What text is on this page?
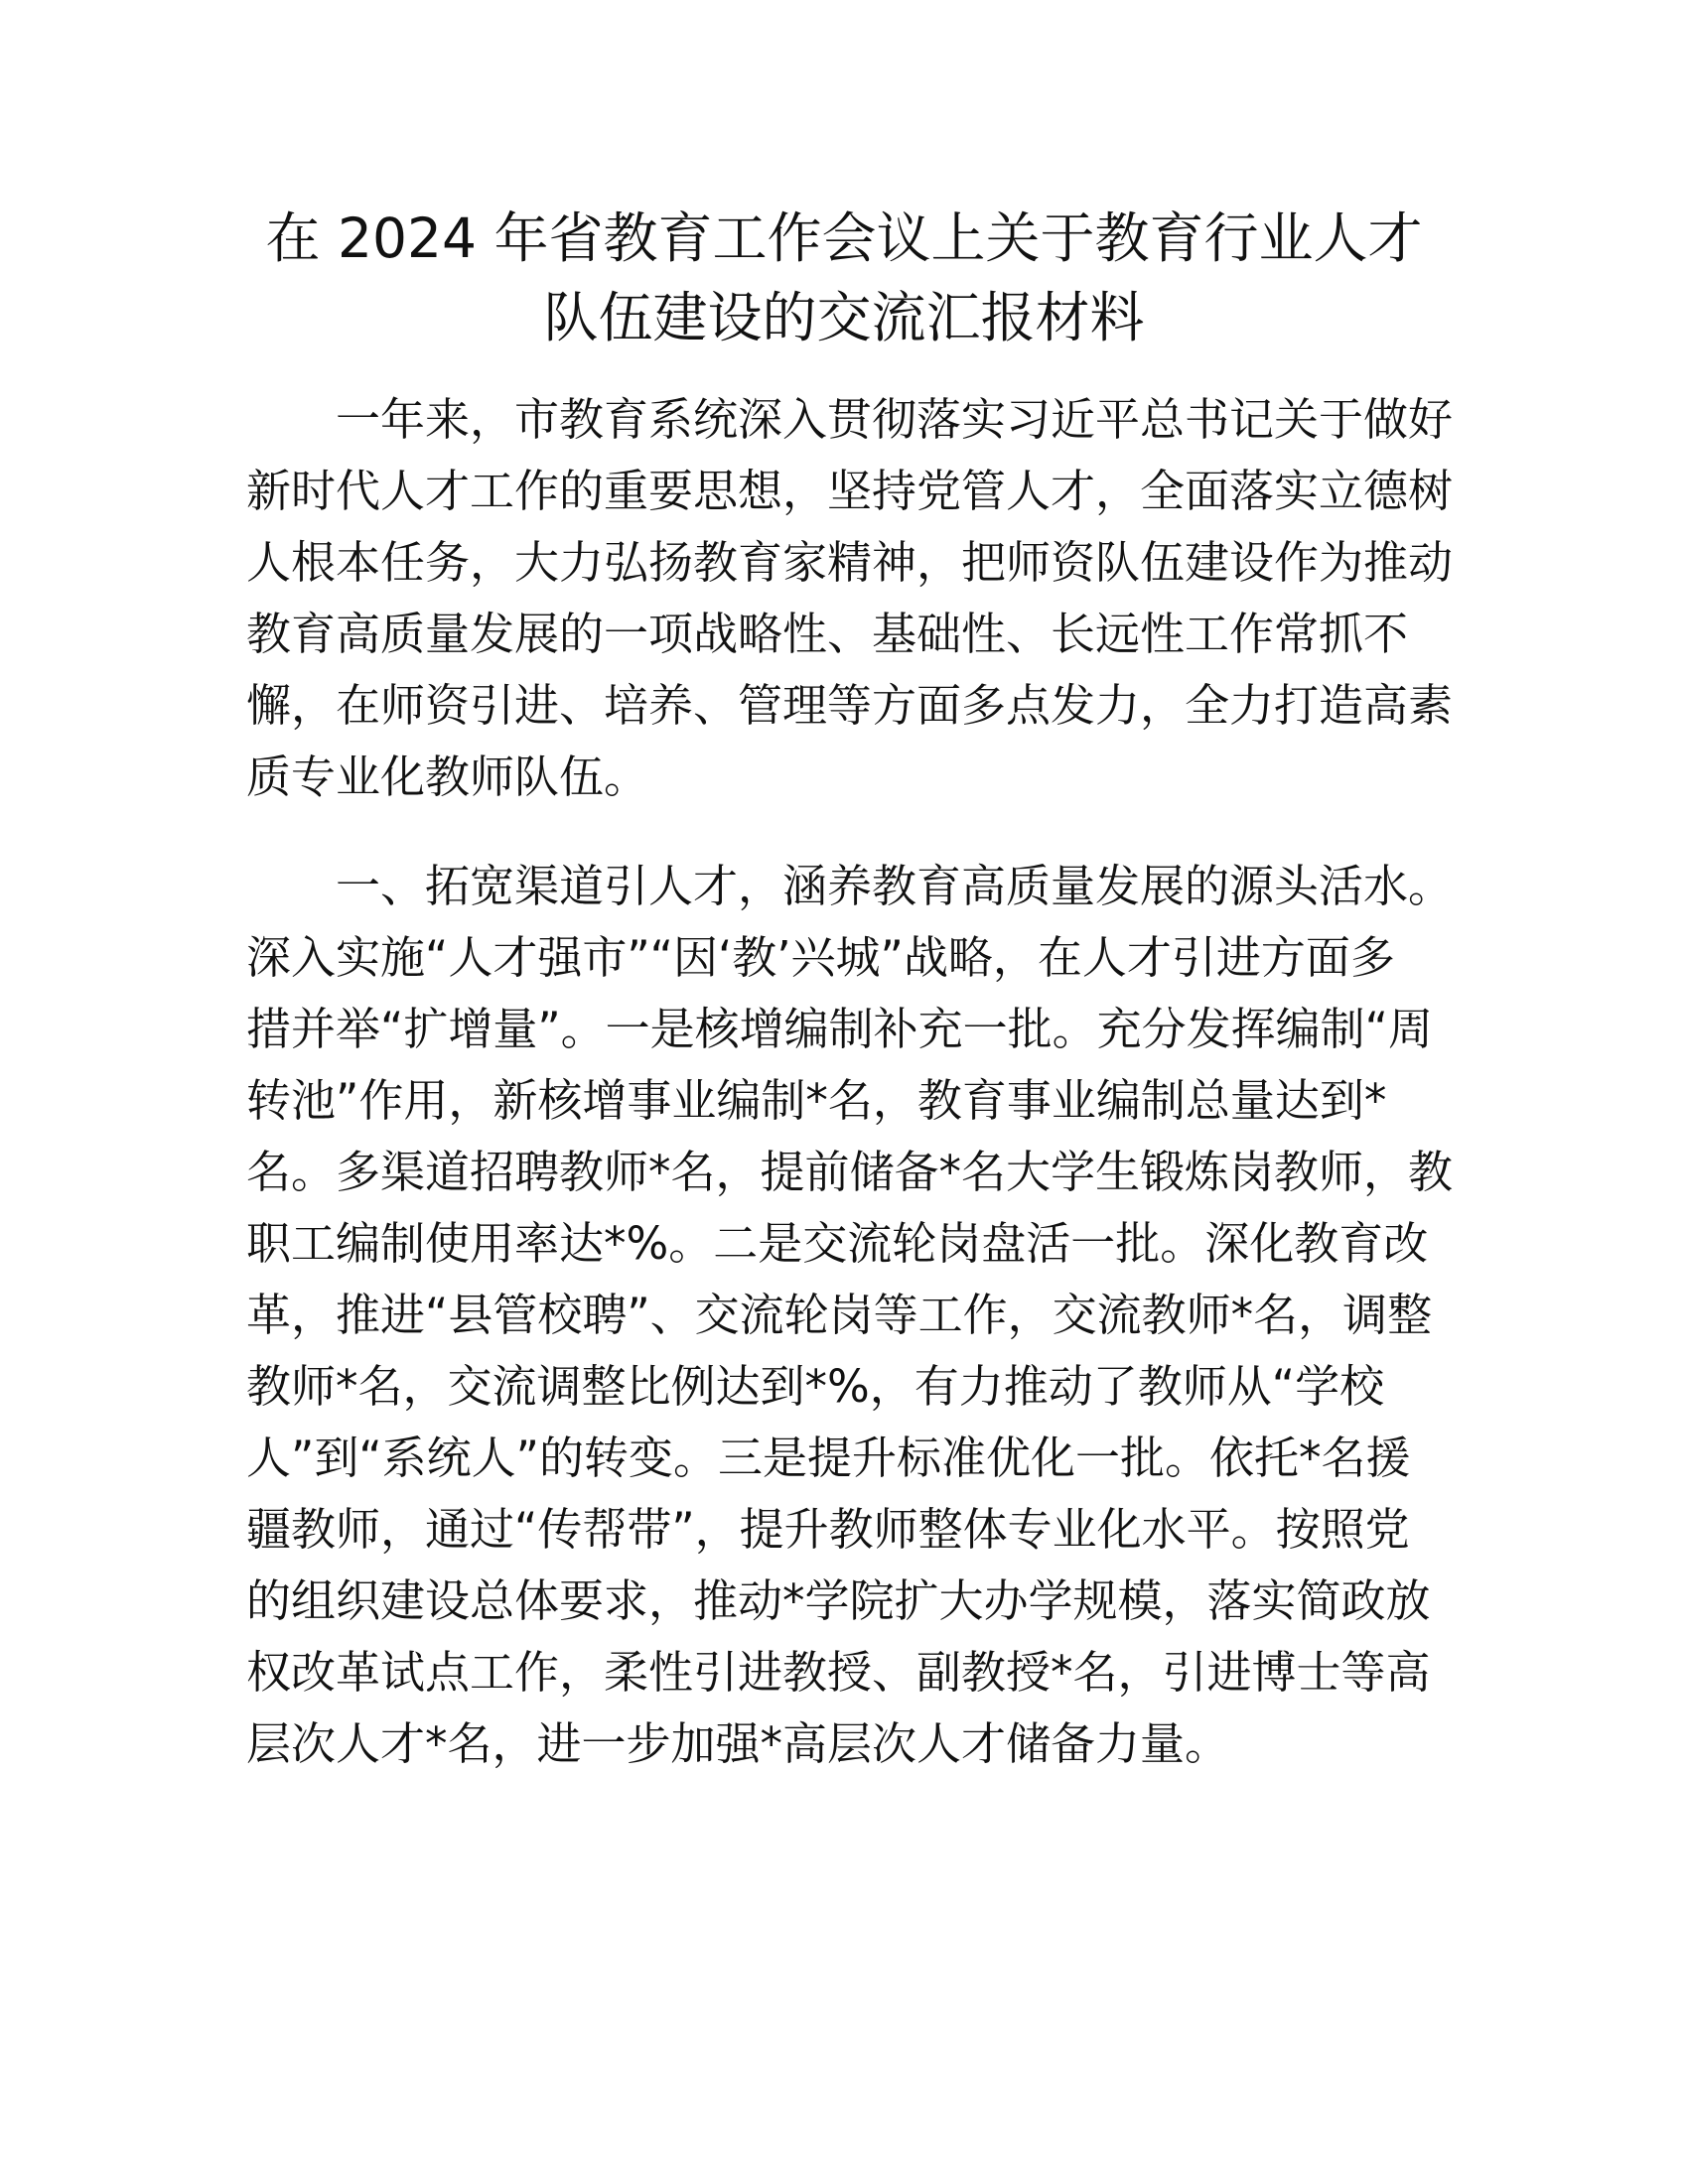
在 2024 年省教育工作会议上关于教育行业人才
队伍建设的交流汇报材料

一年来，市教育系统深入贯彻落实习近平总书记关于做好

新时代人才工作的重要思想，坚持党管人才，全面落实立德树

人根本任务，大力弘扬教育家精神，把师资队伍建设作为推动

教育高质量发展的一项战略性、基础性、长远性工作常抓不

懈，在师资引进、培养、管理等方面多点发力，全力打造高素

质专业化教师队伍。

一、拓宽渠道引人才，涵养教育高质量发展的源头活水。

深入实施“人才强市”“因‘教’兴城”战略，在人才引进方面多

措并举“扩增量”。一是核增编制补充一批。充分发挥编制“周

转池”作用，新核增事业编制*名，教育事业编制总量达到*

名。多渠道招聘教师*名，提前储备*名大学生锻炼岗教师，教

职工编制使用率达*%。二是交流轮岗盘活一批。深化教育改

革，推进“县管校聘”、交流轮岗等工作，交流教师*名，调整

教师*名，交流调整比例达到*%，有力推动了教师从“学校

人”到“系统人”的转变。三是提升标准优化一批。依托*名援

疆教师，通过“传帮带”，提升教师整体专业化水平。按照党

的组织建设总体要求，推动*学院扩大办学规模，落实简政放

权改革试点工作，柔性引进教授、副教授*名，引进博士等高

层次人才*名，进一步加强*高层次人才储备力量。
